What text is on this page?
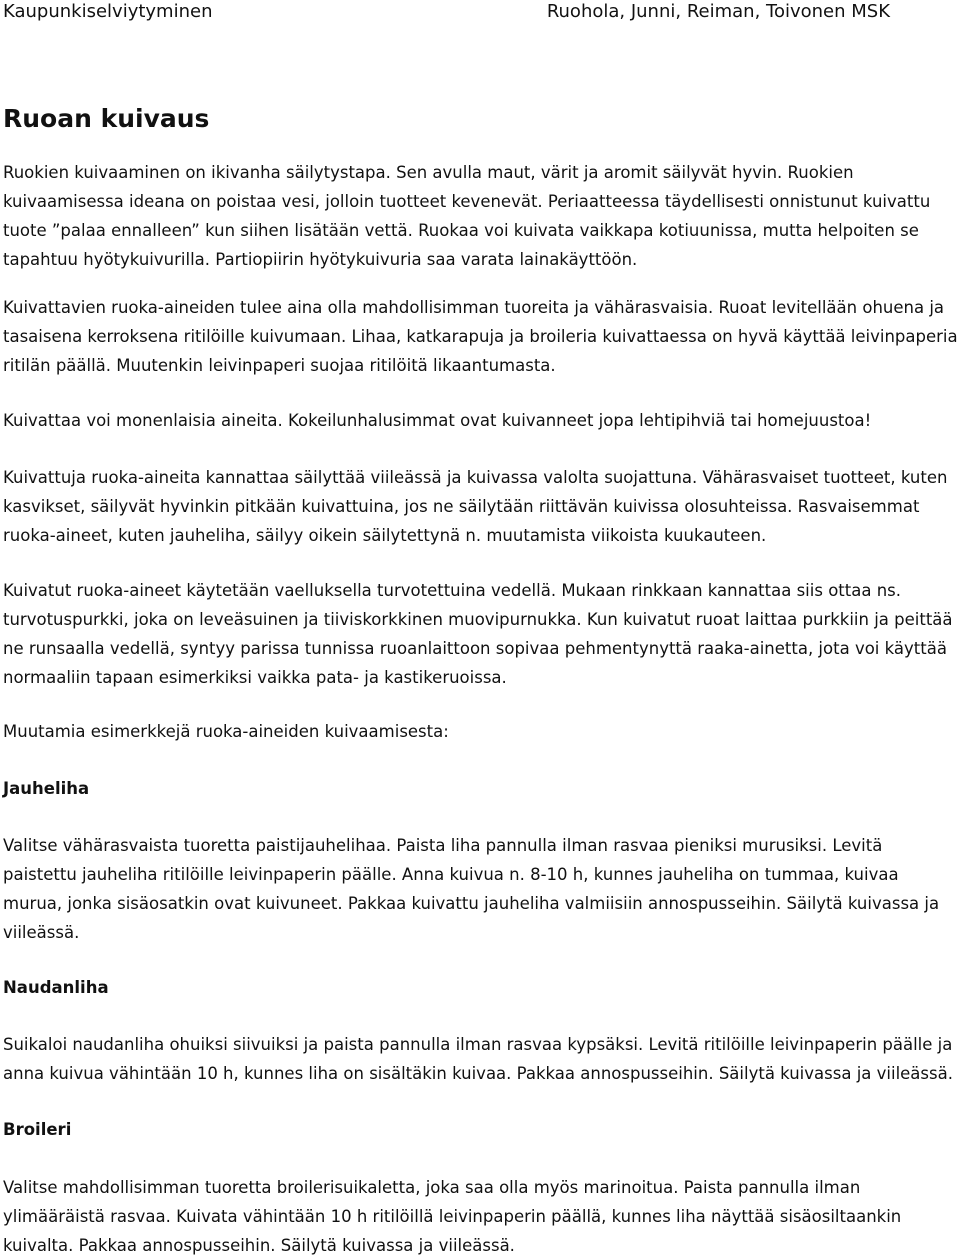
Kaupunkiselviytyminen	Ruohola, Junni, Reiman, Toivonen MSK
Ruoan kuivaus

Ruokien kuivaaminen on ikivanha säilytystapa. Sen avulla maut, värit ja aromit säilyvät hyvin. Ruokien kuivaamisessa ideana on poistaa vesi, jolloin tuotteet kevenevät. Periaatteessa täydellisesti onnistunut kuivattu tuote ”palaa ennalleen” kun siihen lisätään vettä. Ruokaa voi kuivata vaikkapa kotiuunissa, mutta helpoiten se tapahtuu hyötykuivurilla. Partiopiirin hyötykuivuria saa varata lainakäyttöön.

Kuivattavien ruoka-aineiden tulee aina olla mahdollisimman tuoreita ja vähärasvaisia. Ruoat levitellään ohuena ja tasaisena kerroksena ritilöille kuivumaan. Lihaa, katkarapuja ja broileria kuivattaessa on hyvä käyttää leivinpaperia ritilän päällä. Muutenkin leivinpaperi suojaa ritilöitä likaantumasta.

Kuivattaa voi monenlaisia aineita. Kokeilunhalusimmat ovat kuivanneet jopa lehtipihviä tai homejuustoa!

Kuivattuja ruoka-aineita kannattaa säilyttää viileässä ja kuivassa valolta suojattuna. Vähärasvaiset tuotteet, kuten kasvikset, säilyvät hyvinkin pitkään kuivattuina, jos ne säilytään riittävän kuivissa olosuhteissa. Rasvaisemmat ruoka-aineet, kuten jauheliha, säilyy oikein säilytettynä n. muutamista viikoista kuukauteen.

Kuivatut ruoka-aineet käytetään vaelluksella turvotettuina vedellä. Mukaan rinkkaan kannattaa siis ottaa ns. turvotuspurkki, joka on leveäsuinen ja tiiviskorkkinen muovipurnukka. Kun kuivatut ruoat laittaa purkkiin ja peittää ne runsaalla vedellä, syntyy parissa tunnissa ruoanlaittoon sopivaa pehmentynyttä raaka-ainetta, jota voi käyttää normaaliin tapaan esimerkiksi vaikka pata- ja kastikeruoissa.

Muutamia esimerkkejä ruoka-aineiden kuivaamisesta:

Jauheliha

Valitse vähärasvaista tuoretta paistijauhelihaa. Paista liha pannulla ilman rasvaa pieniksi murusiksi. Levitä paistettu jauheliha ritilöille leivinpaperin päälle. Anna kuivua n. 8-10 h, kunnes jauheliha on tummaa, kuivaa murua, jonka sisäosatkin ovat kuivuneet. Pakkaa kuivattu jauheliha valmiisiin annospusseihin. Säilytä kuivassa ja viileässä.

Naudanliha

Suikaloi naudanliha ohuiksi siivuiksi ja paista pannulla ilman rasvaa kypsäksi. Levitä ritilöille leivinpaperin päälle ja anna kuivua vähintään 10 h, kunnes liha on sisältäkin kuivaa. Pakkaa annospusseihin. Säilytä kuivassa ja viileässä.

Broileri

Valitse mahdollisimman tuoretta broilerisuikaletta, joka saa olla myös marinoitua. Paista pannulla ilman ylimääräistä rasvaa. Kuivata vähintään 10 h ritilöillä leivinpaperin päällä, kunnes liha näyttää sisäosiltaankin kuivalta. Pakkaa annospusseihin. Säilytä kuivassa ja viileässä.
